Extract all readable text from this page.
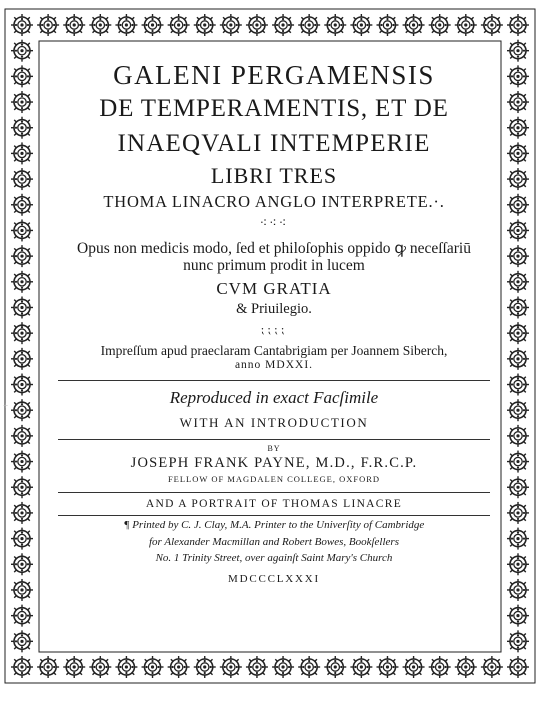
+
GALENI PERGAMENSIS
DE TEMPERAMENTIS, ET DE
INAEQVALI INTEMPERIE
LIBRI TRES
THOMA LINACRO ANGLO INTERPRETE.·.
⁖⁖⁖
Opus non medicis modo, ſed et philoſophis oppido ꝙ neceſſariū
nunc primum prodit in lucem
CVM GRATIA
& Priuilegio.
⁏⁏⁏⁏
Impreſſum apud praeclaram Cantabrigiam per Joannem Siberch,
anno MDXXI.
Reproduced in exact Facſimile
WITH AN INTRODUCTION
BY
JOSEPH FRANK PAYNE, M.D., F.R.C.P.
FELLOW OF MAGDALEN COLLEGE, OXFORD
AND A PORTRAIT OF THOMAS LINACRE
¶ Printed by C. J. Clay, M.A. Printer to the Univerſity of Cambridge
for Alexander Macmillan and Robert Bowes, Bookſellers
No. 1 Trinity Street, over againſt Saint Mary's Church
MDCCCLXXXI
